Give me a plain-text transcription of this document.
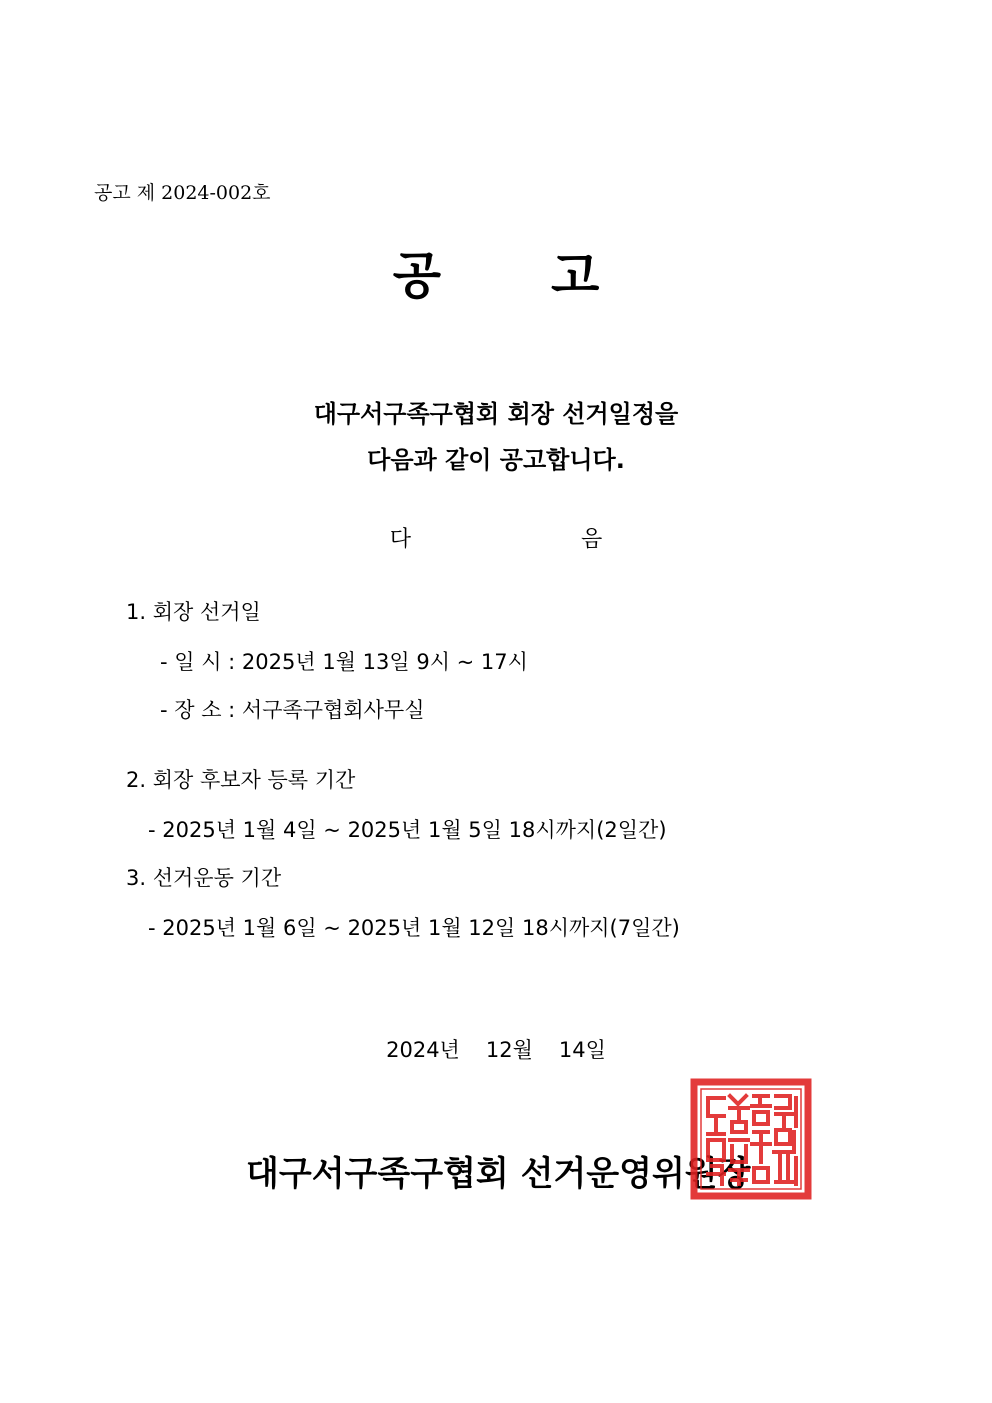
공고 제 2024-002호
공 고
대구서구족구협회 회장 선거일정을
다음과 같이 공고합니다.
다	음
1. 회장 선거일
- 일 시 : 2025년 1월 13일 9시 ~ 17시
- 장 소 : 서구족구협회사무실
2. 회장 후보자 등록 기간
- 2025년 1월 4일 ~ 2025년 1월 5일 18시까지(2일간)
3. 선거운동 기간
- 2025년 1월 6일 ~ 2025년 1월 12일 18시까지(7일간)
2024년 12월 14일
대구서구족구협회 선거운영위원장
